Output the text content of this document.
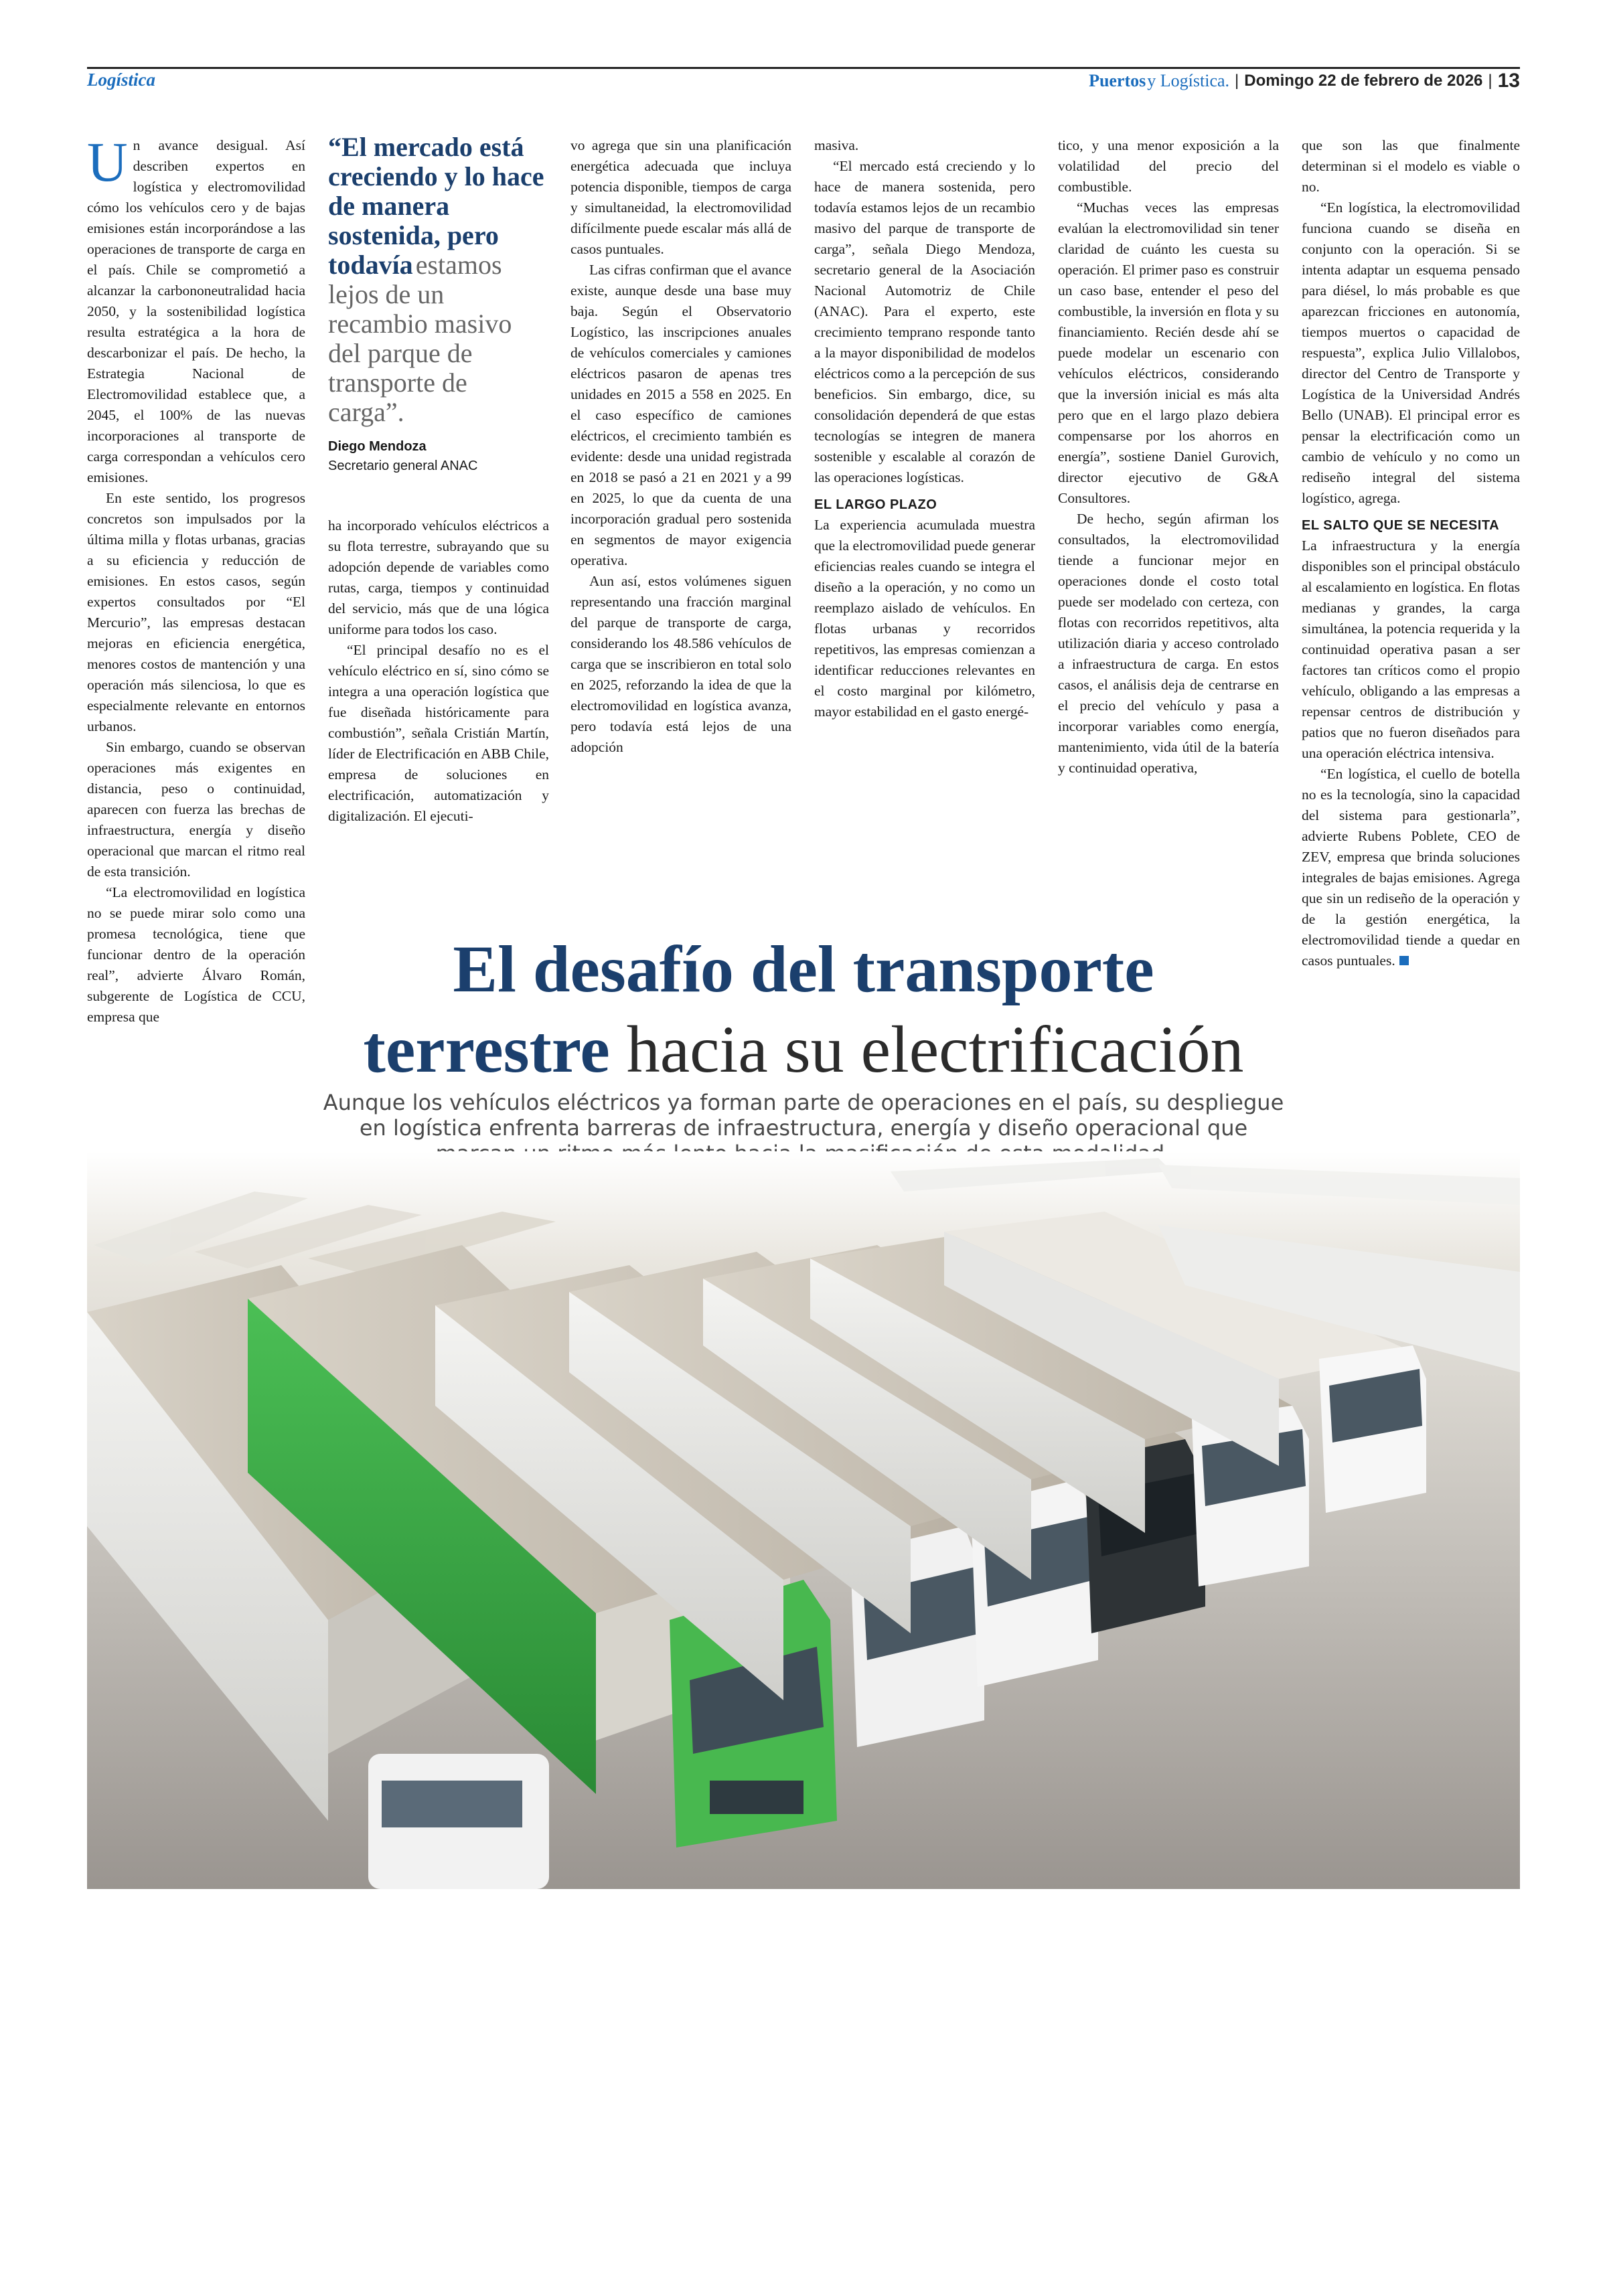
Logística	Puertos y Logística. | Domingo 22 de febrero de 2026 | 13
U n avance desigual. Así describen expertos en logística y electromovilidad cómo los vehículos cero y de bajas emisiones están incorporándose a las operaciones de transporte de carga en el país. Chile se comprometió a alcanzar la carbononeutralidad hacia 2050, y la sostenibilidad logística resulta estratégica a la hora de descarbonizar el país. De hecho, la Estrategia Nacional de Electromovilidad establece que, a 2045, el 100% de las nuevas incorporaciones al transporte de carga correspondan a vehículos cero emisiones.

En este sentido, los progresos concretos son impulsados por la última milla y flotas urbanas, gracias a su eficiencia y reducción de emisiones. En estos casos, según expertos consultados por “El Mercurio”, las empresas destacan mejoras en eficiencia energética, menores costos de mantención y una operación más silenciosa, lo que es especialmente relevante en entornos urbanos.

Sin embargo, cuando se observan operaciones más exigentes en distancia, peso o continuidad, aparecen con fuerza las brechas de infraestructura, energía y diseño operacional que marcan el ritmo real de esta transición.

“La electromovilidad en logística no se puede mirar solo como una promesa tecnológica, tiene que funcionar dentro de la operación real”, advierte Álvaro Román, subgerente de Logística de CCU, empresa que

“El mercado está creciendo y lo hace de manera sostenida, pero todavía estamos lejos de un recambio masivo del parque de transporte de carga”.
Diego Mendoza
Secretario general ANAC

ha incorporado vehículos eléctricos a su flota terrestre, subrayando que su adopción depende de variables como rutas, carga, tiempos y continuidad del servicio, más que de una lógica uniforme para todos los caso.

“El principal desafío no es el vehículo eléctrico en sí, sino cómo se integra a una operación logística que fue diseñada históricamente para combustión”, señala Cristián Martín, líder de Electrificación en ABB Chile, empresa de soluciones en electrificación, automatización y digitalización. El ejecuti-

vo agrega que sin una planificación energética adecuada que incluya potencia disponible, tiempos de carga y simultaneidad, la electromovilidad difícilmente puede escalar más allá de casos puntuales.

Las cifras confirman que el avance existe, aunque desde una base muy baja. Según el Observatorio Logístico, las inscripciones anuales de vehículos comerciales y camiones eléctricos pasaron de apenas tres unidades en 2015 a 558 en 2025. En el caso específico de camiones eléctricos, el crecimiento también es evidente: desde una unidad registrada en 2018 se pasó a 21 en 2021 y a 99 en 2025, lo que da cuenta de una incorporación gradual pero sostenida en segmentos de mayor exigencia operativa.

Aun así, estos volúmenes siguen representando una fracción marginal del parque de transporte de carga, considerando los 48.586 vehículos de carga que se inscribieron en total solo en 2025, reforzando la idea de que la electromovilidad en logística avanza, pero todavía está lejos de una adopción

masiva.

“El mercado está creciendo y lo hace de manera sostenida, pero todavía estamos lejos de un recambio masivo del parque de transporte de carga”, señala Diego Mendoza, secretario general de la Asociación Nacional Automotriz de Chile (ANAC). Para el experto, este crecimiento temprano responde tanto a la mayor disponibilidad de modelos eléctricos como a la percepción de sus beneficios. Sin embargo, dice, su consolidación dependerá de que estas tecnologías se integren de manera sostenible y escalable al corazón de las operaciones logísticas.

EL LARGO PLAZO

La experiencia acumulada muestra que la electromovilidad puede generar eficiencias reales cuando se integra el diseño a la operación, y no como un reemplazo aislado de vehículos. En flotas urbanas y recorridos repetitivos, las empresas comienzan a identificar reducciones relevantes en el costo marginal por kilómetro, mayor estabilidad en el gasto energé-

tico, y una menor exposición a la volatilidad del precio del combustible.

“Muchas veces las empresas evalúan la electromovilidad sin tener claridad de cuánto les cuesta su operación. El primer paso es construir un caso base, entender el peso del combustible, la inversión en flota y su financiamiento. Recién desde ahí se puede modelar un escenario con vehículos eléctricos, considerando que la inversión inicial es más alta pero que en el largo plazo debiera compensarse por los ahorros en energía”, sostiene Daniel Gurovich, director ejecutivo de G&A Consultores.

De hecho, según afirman los consultados, la electromovilidad tiende a funcionar mejor en operaciones donde el costo total puede ser modelado con certeza, con flotas con recorridos repetitivos, alta utilización diaria y acceso controlado a infraestructura de carga. En estos casos, el análisis deja de centrarse en el precio del vehículo y pasa a incorporar variables como energía, mantenimiento, vida útil de la batería y continuidad operativa,

que son las que finalmente determinan si el modelo es viable o no.

“En logística, la electromovilidad funciona cuando se diseña en conjunto con la operación. Si se intenta adaptar un esquema pensado para diésel, lo más probable es que aparezcan fricciones en autonomía, tiempos muertos o capacidad de respuesta”, explica Julio Villalobos, director del Centro de Transporte y Logística de la Universidad Andrés Bello (UNAB). El principal error es pensar la electrificación como un cambio de vehículo y no como un rediseño integral del sistema logístico, agrega.

EL SALTO QUE SE NECESITA

La infraestructura y la energía disponibles son el principal obstáculo al escalamiento en logística. En flotas medianas y grandes, la carga simultánea, la potencia requerida y la continuidad operativa pasan a ser factores tan críticos como el propio vehículo, obligando a las empresas a repensar centros de distribución y patios que no fueron diseñados para una operación eléctrica intensiva.

“En logística, el cuello de botella no es la tecnología, sino la capacidad del sistema para gestionarla”, advierte Rubens Poblete, CEO de ZEV, empresa que brinda soluciones integrales de bajas emisiones. Agrega que sin un rediseño de la operación y de la gestión energética, la electromovilidad tiende a quedar en casos puntuales.

El desafío del transporte
terrestre hacia su electrificación
Aunque los vehículos eléctricos ya forman parte de operaciones en el país, su despliegue en logística enfrenta barreras de infraestructura, energía y diseño operacional que
